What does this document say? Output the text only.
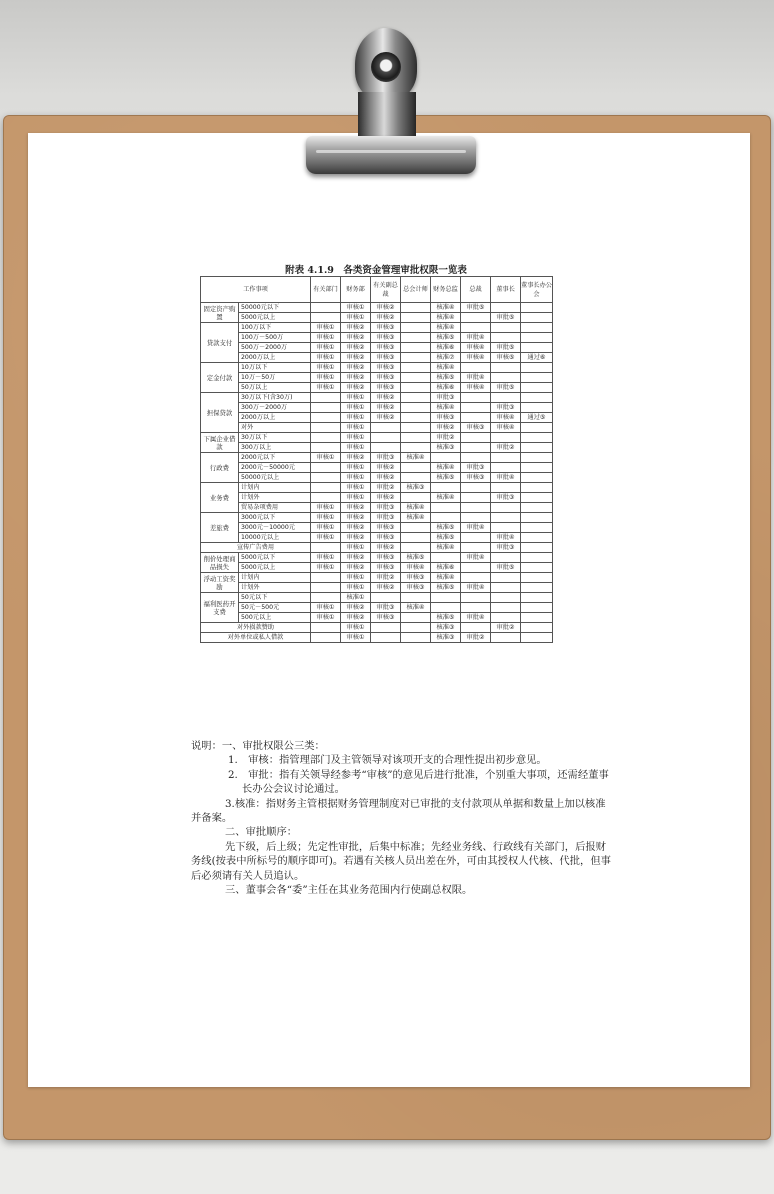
附表 4.1.9　各类资金管理审批权限一览表
工作事项		有关部门	财务部	有关副总裁	总会计师	财务总监	总裁	董事长	董事长办公会
固定资产购置	50000元以下		审核①	审核②		核准④	审批⑤		
	5000元以上		审核①	审核②		核准④		审批⑤	
贷款支付	100万以下	审核①	审核②	审核③		核准④			
	100万－500万	审核①	审核②	审核③		核准⑤	审批④		
	500万－2000万	审核①	审核②	审核③		核准⑥	审核④	审批⑤	
	2000万以上	审核①	审核②	审核③		核准⑦	审核④	审核⑤	通过⑥
定金付款	10万以下	审核①	审核②	审核③		核准④			
	10万－50万	审核①	审核②	审核③		核准⑤	审批④		
	50万以上	审核①	审核②	审核③		核准⑥	审核④	审批⑤	
担保贷款	30万以下(含30万)		审核①	审核②		审批③			
	300万－2000万		审核①	审核②		核准④		审批③	
	2000万以上		审核①	审核②		审核③		审核④	通过⑤
	对外		审核①			审核②	审核③	审核④	
下属企业借款	30万以下		审核①			审批②			
	300万以上		审核①			核准③		审批②	
行政费	2000元以下	审核①	审核②	审批③	核准④				
	2000元－50000元		审核①	审核②		核准④	审批③		
	50000元以上		审核①	审核②		核准⑤	审核③	审批④	
业务费	计划内		审核①	审批②	核准③				
	计划外		审核①	审核②		核准④		审批③	
	贸易杂项费用	审核①	审核②	审批③	核准④				
差旅费	3000元以下	审核①	审核②	审批③	核准④				
	3000元－10000元	审核①	审核②	审核③		核准⑤	审批④		
	10000元以上	审核①	审核②	审核③		核准⑤		审批④	
宣传广告费用			审核①	审核②		核准④		审批③	
削价处理商品损失	5000元以下	审核①	审核②	审核③	核准⑤		审批④		
	5000元以上	审核①	审核②	审核③	审核④	核准⑥		审批⑤	
浮动工资奖励	计划内		审核①	审批②	审核③	核准④			
	计划外		审核①	审核②	审核③	核准⑤	审批④		
福利医药开支费	50元以下		核准①						
	50元－500元	审核①	审核②	审批③	核准④				
	500元以上	审核①	审核②	审核③		核准⑤	审批④		
对外损款赞助			审核①			核准③		审批②	
对外单位或私人借款			审核①			核准③	审批②		

说明：一、审批权限公三类：

1.　审核：指管理部门及主管领导对该项开支的合理性提出初步意见。

2.　审批：指有关领导经参考“审核”的意见后进行批准，个别重大事项，还需经董事长办公会议讨论通过。

3.核准：指财务主管根据财务管理制度对已审批的支付款项从单据和数量上加以核准并备案。

二、审批顺序：

先下级，后上级；先定性审批，后集中标准；先经业务线、行政线有关部门，后报财务线(按表中所标号的顺序即可)。若遇有关核人员出差在外，可由其授权人代核、代批，但事后必须请有关人员追认。

三、董事会各“委”主任在其业务范围内行使副总权限。
